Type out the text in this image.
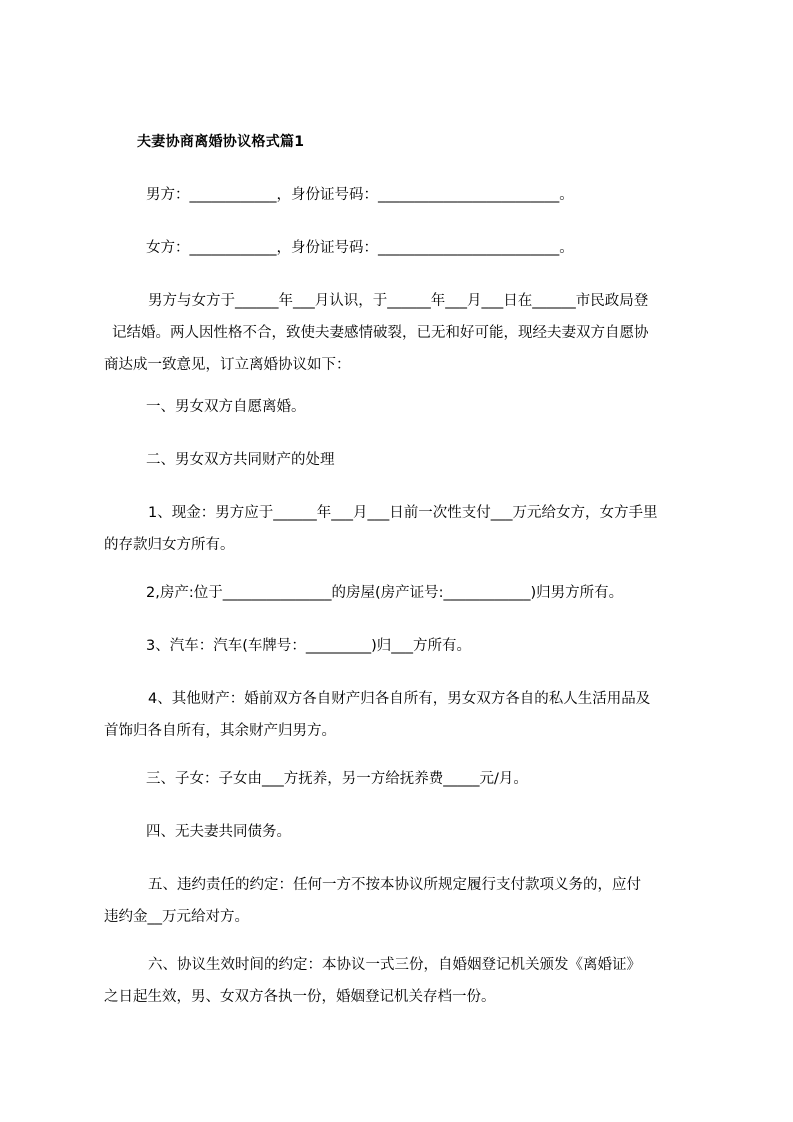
夫妻协商离婚协议格式篇1
男方：____________，身份证号码：_________________________。
女方：____________，身份证号码：_________________________。
男方与女方于______年___月认识，于______年___月___日在______市民政局登
记结婚。两人因性格不合，致使夫妻感情破裂，已无和好可能，现经夫妻双方自愿协
商达成一致意见，订立离婚协议如下：
一、男女双方自愿离婚。
二、男女双方共同财产的处理
1、现金：男方应于______年___月___日前一次性支付___万元给女方，女方手里
的存款归女方所有。
2,房产:位于_______________的房屋(房产证号:____________)归男方所有。
3、汽车：汽车(车牌号：_________)归___方所有。
4、其他财产：婚前双方各自财产归各自所有，男女双方各自的私人生活用品及
首饰归各自所有，其余财产归男方。
三、子女：子女由___方抚养，另一方给抚养费_____元/月。
四、无夫妻共同债务。
五、违约责任的约定：任何一方不按本协议所规定履行支付款项义务的，应付
违约金__万元给对方。
六、协议生效时间的约定：本协议一式三份，自婚姻登记机关颁发《离婚证》
之日起生效，男、女双方各执一份，婚姻登记机关存档一份。
